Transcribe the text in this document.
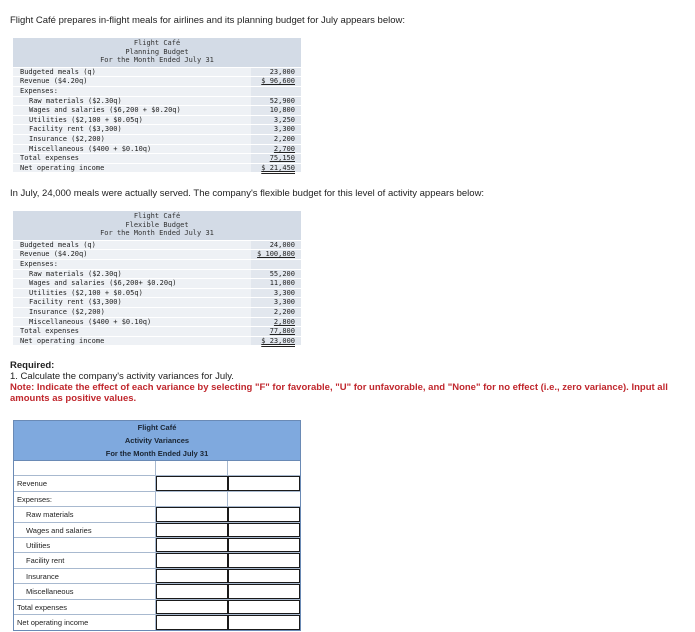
Flight Café prepares in-flight meals for airlines and its planning budget for July appears below:
Flight Café
Planning Budget
For the Month Ended July 31
Budgeted meals (q)	23,000
Revenue ($4.20q)	$ 96,600
Expenses:
Raw materials ($2.30q)	52,900
Wages and salaries ($6,200 + $0.20q)	10,800
Utilities ($2,100 + $0.05q)	3,250
Facility rent ($3,300)	3,300
Insurance ($2,200)	2,200
Miscellaneous ($400 + $0.10q)	2,700
Total expenses	75,150
Net operating income	$ 21,450
In July, 24,000 meals were actually served. The company's flexible budget for this level of activity appears below:
Flight Café
Flexible Budget
For the Month Ended July 31
Budgeted meals (q)	24,000
Revenue ($4.20q)	$ 100,800
Expenses:
Raw materials ($2.30q)	55,200
Wages and salaries ($6,200+ $0.20q)	11,000
Utilities ($2,100 + $0.05q)	3,300
Facility rent ($3,300)	3,300
Insurance ($2,200)	2,200
Miscellaneous ($400 + $0.10q)	2,800
Total expenses	77,800
Net operating income	$ 23,000
Required:
1. Calculate the company's activity variances for July.
Note: Indicate the effect of each variance by selecting "F" for favorable, "U" for unfavorable, and "None" for no effect (i.e., zero variance). Input all amounts as positive values.
Flight Café
Activity Variances
For the Month Ended July 31
Revenue
Expenses:
Raw materials
Wages and salaries
Utilities
Facility rent
Insurance
Miscellaneous
Total expenses
Net operating income
